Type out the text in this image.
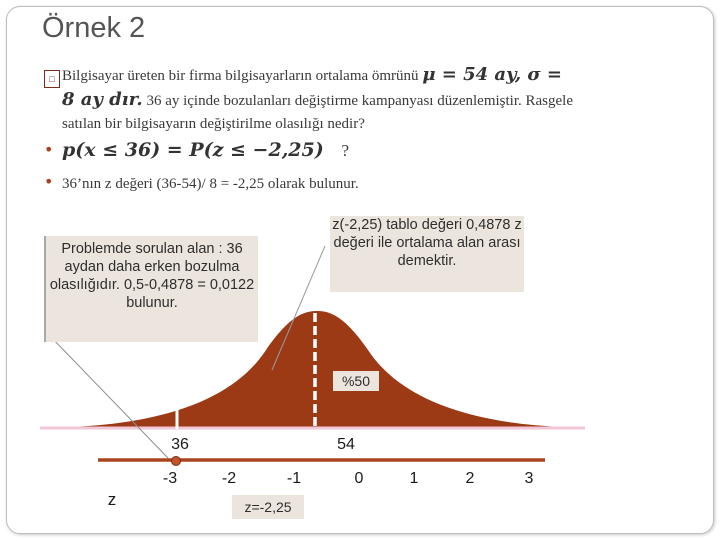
Örnek 2
□ Bilgisayar üreten bir firma bilgisayarların ortalama ömrünü μ = 54 ay, σ =
8 ay dır. 36 ay içinde bozulanları değiştirme kampanyası düzenlemiştir. Rasgele
satılan bir bilgisayarın değiştirilme olasılığı nedir?
• p(x ≤ 36) = P(z ≤ −2,25) ?
• 36’nın z değeri (36-54)/ 8 = -2,25 olarak bulunur.
36	54
-3	-2	-1	0	1	2	3
z
Problemde sorulan alan : 36 aydan daha erken bozulma olasılığıdır. 0,5-0,4878 = 0,0122 bulunur.
z(-2,25) tablo değeri 0,4878 z değeri ile ortalama alan arası demektir.
%50
z=-2,25
